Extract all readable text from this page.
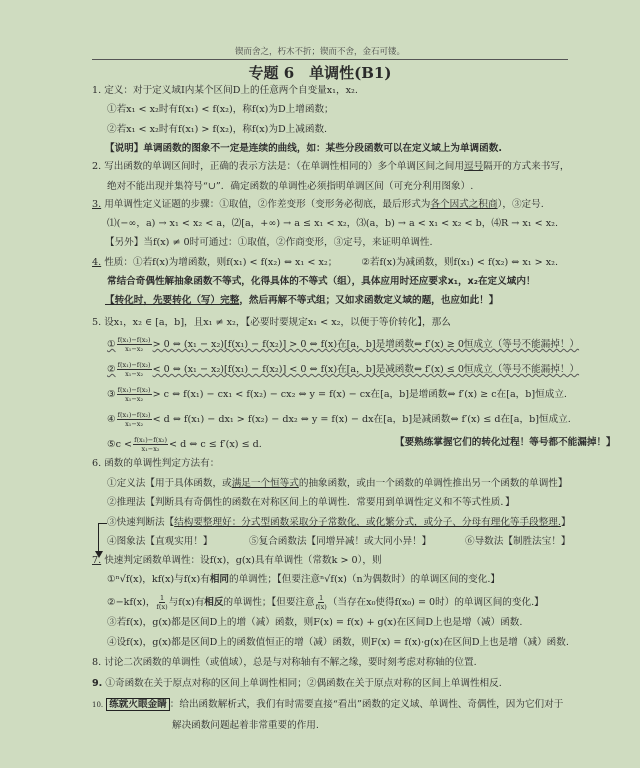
锲而舍之，朽木不折；锲而不舍，金石可镂。
专题 6　单调性(B1)
1. 定义：对于定义域I内某个区间D上的任意两个自变量x₁，x₂.
①若x₁ < x₂时有f(x₁) < f(x₂)，称f(x)为D上增函数；
②若x₁ < x₂时有f(x₁) > f(x₂)，称f(x)为D上减函数.
【说明】单调函数的图象不一定是连续的曲线，如：某些分段函数可以在定义域上为单调函数.
2. 写出函数的单调区间时，正确的表示方法是：（在单调性相同的）多个单调区间之间用逗号隔开的方式来书写，
绝对不能出现并集符号“∪”．确定函数的单调性必须指明单调区间（可充分利用图象）.
3. 用单调性定义证题的步骤：①取值，②作差变形（变形务必彻底，最后形式为各个因式之积商），③定号.
⑴(−∞，a) → x₁ < x₂ < a，⑵[a，+∞) → a ≤ x₁ < x₂，⑶(a，b) → a < x₁ < x₂ < b，⑷R → x₁ < x₂.
【另外】当f(x) ≠ 0时可通过：①取值，②作商变形，③定号，来证明单调性.
4. 性质：①若f(x)为增函数，则f(x₁) < f(x₂) ⇔ x₁ < x₂；	②若f(x)为减函数，则f(x₁) < f(x₂) ⇔ x₁ > x₂.
常结合奇偶性解抽象函数不等式，化得具体的不等式（组），具体应用时还应要求x₁，x₂在定义域内！
【转化时，先要转化（写）完整，然后再解不等式组；又如求函数定义域的题，也应如此！】
5. 设x₁，x₂ ∈ [a，b]，且x₁ ≠ x₂，【必要时要规定x₁ < x₂，以便于等价转化】，那么
① $\frac{\text{f(x₁)−f(x₂)}}{\text{x₁−x₂}} > 0$ ⇔ (x₁ − x₂)[f(x₁) − f(x₂)] > 0 ⇔ f(x)在[a，b]是增函数⇔ f′(x) ≥ 0恒成立（等号不能漏掉！）
② $\frac{\text{f(x₁)−f(x₂)}}{\text{x₁−x₂}} < 0$ ⇔ (x₁ − x₂)[f(x₁) − f(x₂)] < 0 ⇔ f(x)在[a，b]是减函数⇔ f′(x) ≤ 0恒成立（等号不能漏掉！）
③ $\frac{\text{f(x₁)−f(x₂)}}{\text{x₁−x₂}} > c$ ⇔ f(x₁) − cx₁ < f(x₂) − cx₂ ⇔ y = f(x) − cx在[a，b]是增函数⇔ f′(x) ≥ c在[a，b]恒成立.
④ $\frac{\text{f(x₁)−f(x₂)}}{\text{x₁−x₂}} < d$ ⇔ f(x₁) − dx₁ > f(x₂) − dx₂ ⇔ y = f(x) − dx在[a，b]是减函数⇔ f′(x) ≤ d在[a，b]恒成立.
⑤c < $\frac{\text{f(x₁)−f(x₂)}}{\text{x₁−x₂}} < d$ ⇔ c ≤ f′(x) ≤ d.	【要熟练掌握它们的转化过程！等号都不能漏掉！】
6. 函数的单调性判定方法有：
①定义法【用于具体函数，或满足一个恒等式的抽象函数，或由一个函数的单调性推出另一个函数的单调性】
②推理法【判断具有奇偶性的函数在对称区间上的单调性．常要用到单调性定义和不等式性质．】
③快速判断法【结构要整理好：分式型函数采取分子常数化，或化繁分式，或分子、分母有理化等手段整理.】
④图象法【直观实用！】	⑤复合函数法【同增异减！或大同小异！】	⑥导数法【制胜法宝！】
7. 快速判定函数单调性：设f(x)，g(x)具有单调性（常数k > 0），则
①ⁿ√f(x)，kf(x)与f(x)有相同的单调性；【但要注意ⁿ√f(x)（n为偶数时）的单调区间的变化.】
②−kf(x)， $\frac{1}{f(x)}$ 与f(x)有相反的单调性；【但要注意 $\frac{1}{f(x)}$ （当存在x₀使得f(x₀) = 0时）的单调区间的变化.】
③若f(x)，g(x)都是区间D上的增（减）函数，则F(x) = f(x) + g(x)在区间D上也是增（减）函数.
④设f(x)，g(x)都是区间D上的函数值恒正的增（减）函数，则F(x) = f(x)·g(x)在区间D上也是增（减）函数.
8. 讨论二次函数的单调性（或值域），总是与对称轴有不解之缘，要时刻考虑对称轴的位置.
9. ①奇函数在关于原点对称的区间上单调性相同；②偶函数在关于原点对称的区间上单调性相反.
10. 练就火眼金睛 ：给出函数解析式，我们有时需要直接“看出”函数的定义域、单调性、奇偶性，因为它们对于
解决函数问题起着非常重要的作用.
